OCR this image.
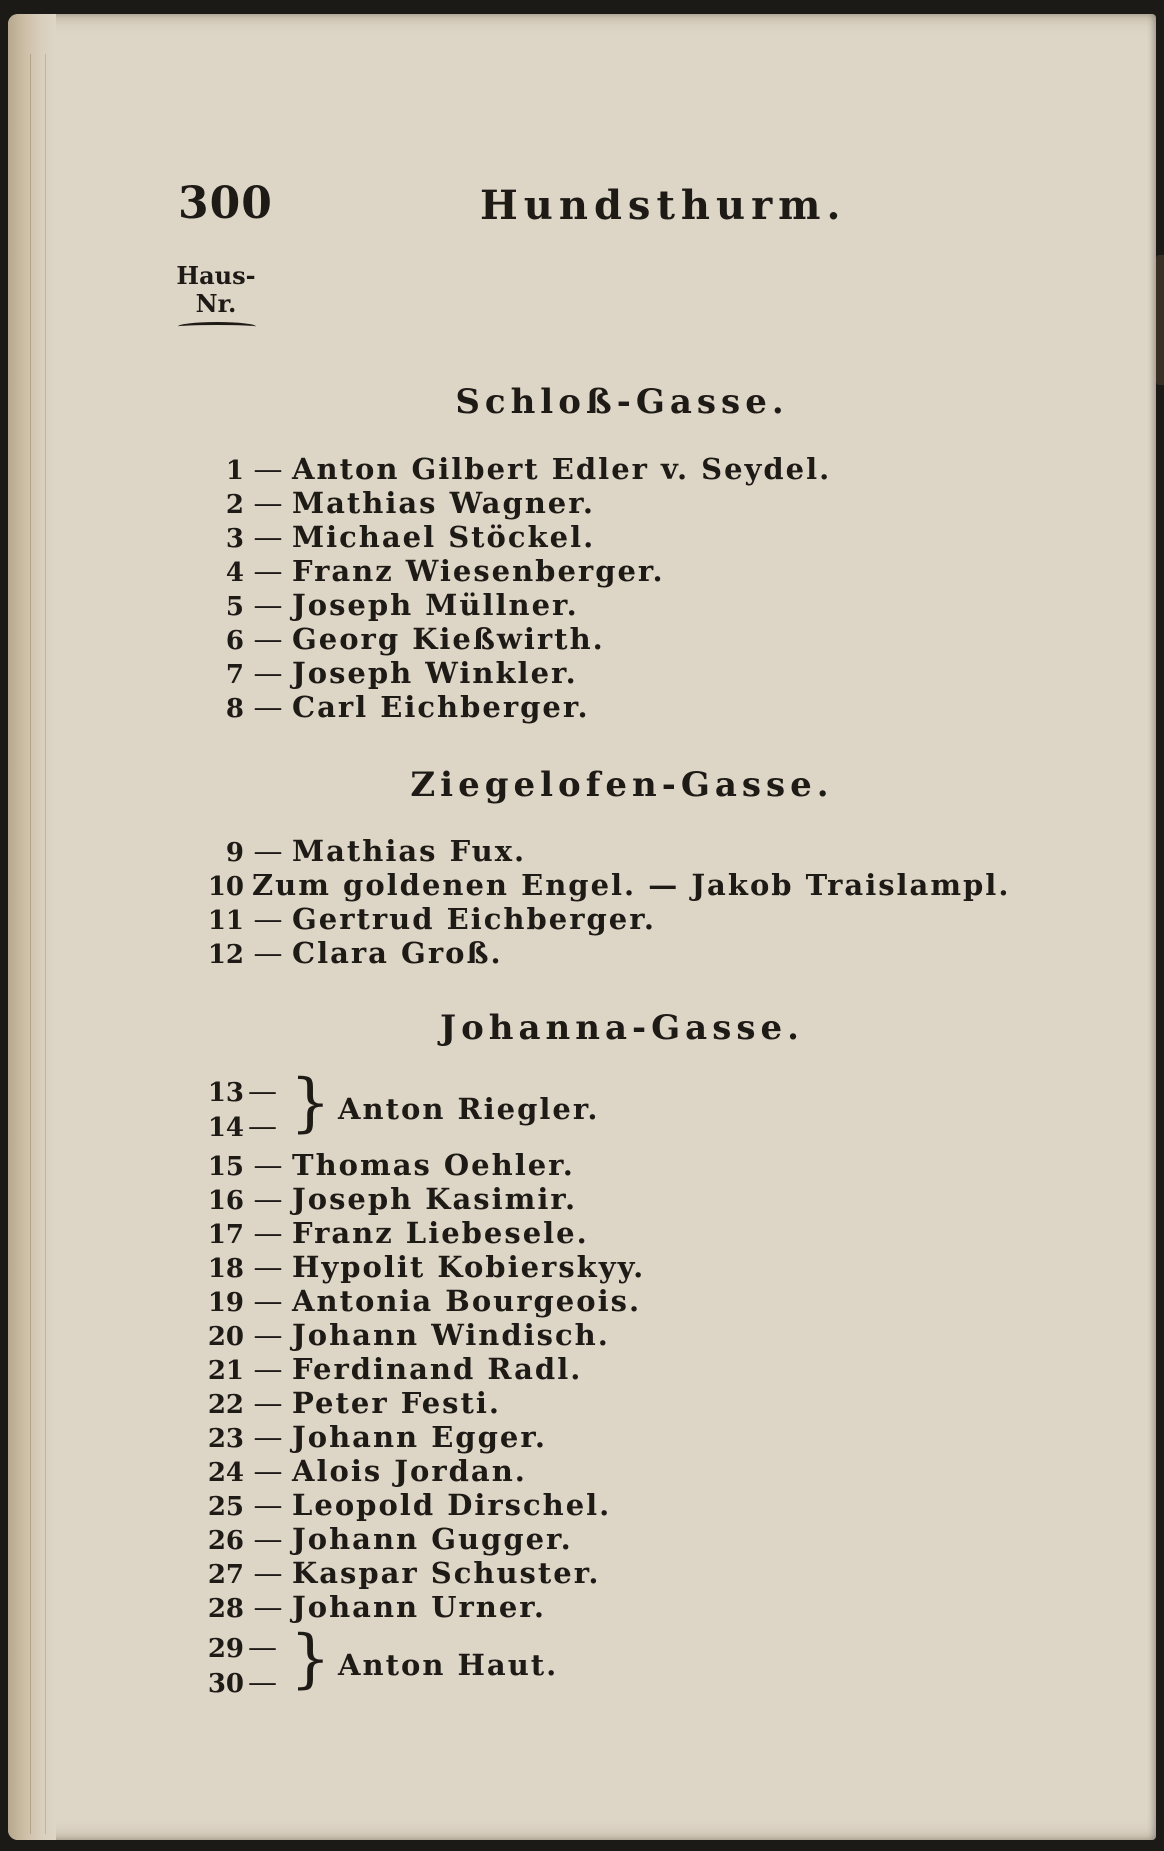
300	Hundsthurm.
Haus-
Nr.
Schloß-Gasse.
1 — Anton Gilbert Edler v. Seydel.
2 — Mathias Wagner.
3 — Michael Stöckel.
4 — Franz Wiesenberger.
5 — Joseph Müllner.
6 — Georg Kießwirth.
7 — Joseph Winkler.
8 — Carl Eichberger.
Ziegelofen-Gasse.
9 — Mathias Fux.
10 Zum goldenen Engel. — Jakob Traislampl.
11 — Gertrud Eichberger.
12 — Clara Groß.
Johanna-Gasse.
13 —
14 — } Anton Riegler.
15 — Thomas Oehler.
16 — Joseph Kasimir.
17 — Franz Liebesele.
18 — Hypolit Kobierskyy.
19 — Antonia Bourgeois.
20 — Johann Windisch.
21 — Ferdinand Radl.
22 — Peter Festi.
23 — Johann Egger.
24 — Alois Jordan.
25 — Leopold Dirschel.
26 — Johann Gugger.
27 — Kaspar Schuster.
28 — Johann Urner.
29 —
30 — } Anton Haut.
